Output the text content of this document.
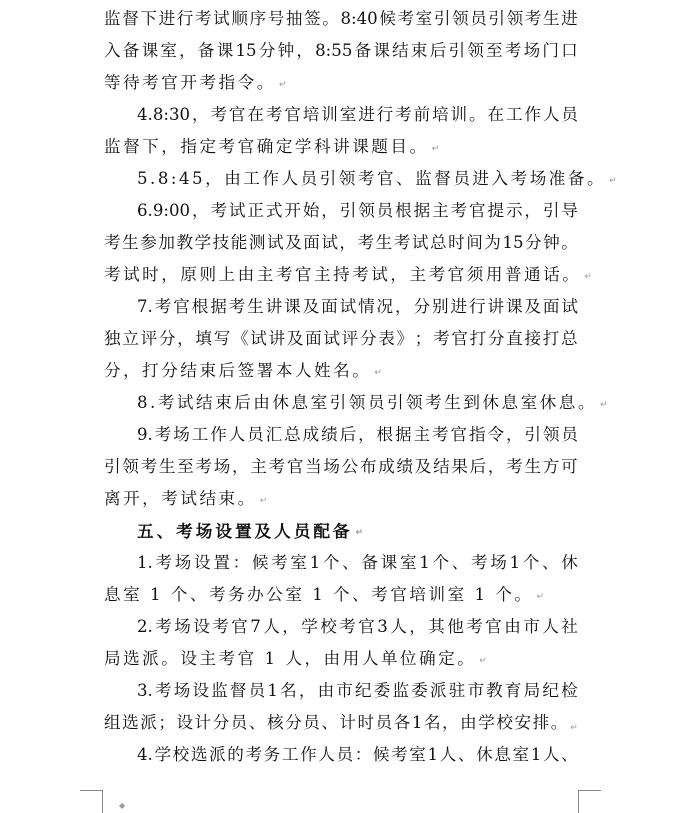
监 督 下 进 行 考 试 顺 序 号 抽 签 。 8:40 候 考 室 引 领 员 引 领 考 生 进
入 备 课 室 ， 备 课 15 分 钟 ， 8:55 备 课 结 束 后 引 领 至 考 场 门 口
等待考官开考指令。 ↵
4.8:30 ， 考 官 在 考 官 培 训 室 进 行 考 前 培 训 。 在 工 作 人 员
监督下，指定考官确定学科讲课题目。 ↵
5.8:45，由工作人员引领考官、监督员进入考场准备。 ↵
6.9:00 ， 考 试 正 式 开 始 ， 引 领 员 根 据 主 考 官 提 示 ， 引 导
考 生 参 加 教 学 技 能 测 试 及 面 试 ， 考 生 考 试 总 时 间 为 15 分 钟 。
考试时，原则上由主考官主持考试，主考官须用普通话。 ↵
7. 考 官 根 据 考 生 讲 课 及 面 试 情 况 ， 分 别 进 行 讲 课 及 面 试
独 立 评 分 ， 填 写 《 试 讲 及 面 试 评 分 表 》 ； 考 官 打 分 直 接 打 总
分，打分结束后签署本人姓名。 ↵
8.考试结束后由休息室引领员引领考生到休息室休息。 ↵
9. 考 场 工 作 人 员 汇 总 成 绩 后 ， 根 据 主 考 官 指 令 ， 引 领 员
引 领 考 生 至 考 场 ， 主 考 官 当 场 公 布 成 绩 及 结 果 后 ， 考 生 方 可
离开，考试结束。 ↵
五、考场设置及人员配备 ↵
1. 考 场 设 置 ： 候 考 室 1 个 、 备 课 室 1 个 、 考 场 1 个 、 休
息室 1 个、考务办公室 1 个、考官培训室 1 个。 ↵
2. 考 场 设 考 官 7 人 ， 学 校 考 官 3 人 ， 其 他 考 官 由 市 人 社
局选派。设主考官 1 人，由用人单位确定。 ↵
3. 考 场 设 监 督 员 1 名 ， 由 市 纪 委 监 委 派 驻 市 教 育 局 纪 检
组 选 派 ； 设 计 分 员 、 核 分 员 、 计 时 员 各 1 名 ， 由 学 校 安 排 。 ↵
4. 学 校 选 派 的 考 务 工 作 人 员 ： 候 考 室 1 人 、 休 息 室 1 人 、
◆
